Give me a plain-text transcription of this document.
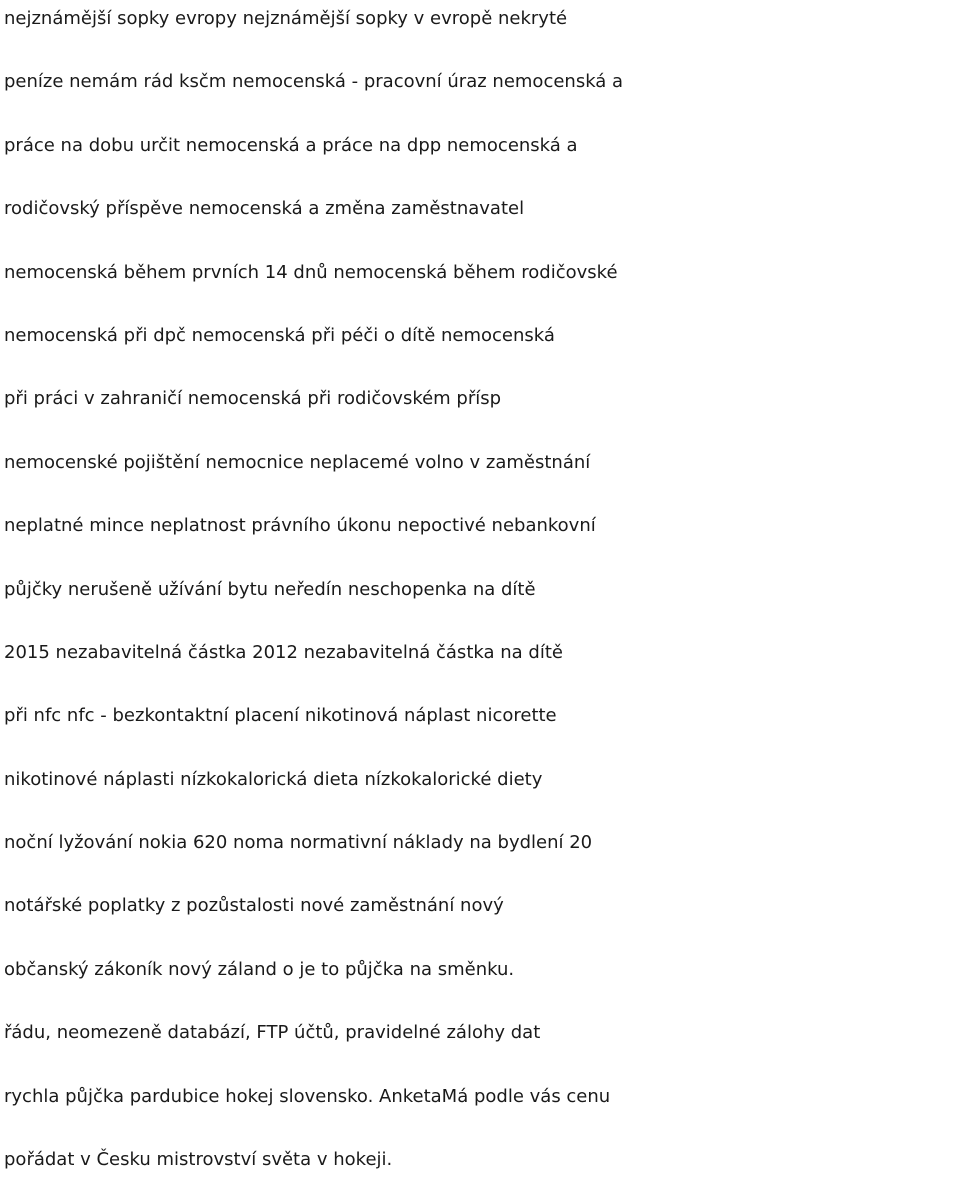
nejznámější sopky evropy nejznámější sopky v evropě nekryté
peníze nemám rád ksčm nemocenská - pracovní úraz nemocenská a
práce na dobu určit nemocenská a práce na dpp nemocenská a
rodičovský příspěve nemocenská a změna zaměstnavatel
nemocenská během prvních 14 dnů nemocenská během rodičovské
nemocenská při dpč nemocenská při péči o dítě nemocenská
při práci v zahraničí nemocenská při rodičovském přísp
nemocenské pojištění nemocnice neplacemé volno v zaměstnání
neplatné mince neplatnost právního úkonu nepoctivé nebankovní
půjčky nerušeně užívání bytu neředín neschopenka na dítě
2015 nezabavitelná částka 2012 nezabavitelná částka na dítě
při nfc nfc - bezkontaktní placení nikotinová náplast nicorette
nikotinové náplasti nízkokalorická dieta nízkokalorické diety
noční lyžování nokia 620 noma normativní náklady na bydlení 20
notářské poplatky z pozůstalosti nové zaměstnání nový
občanský zákoník nový záland o je to půjčka na směnku.
řádu, neomezeně databází, FTP účtů, pravidelné zálohy dat
rychla půjčka pardubice hokej slovensko. AnketaMá podle vás cenu
pořádat v Česku mistrovství světa v hokeji.
